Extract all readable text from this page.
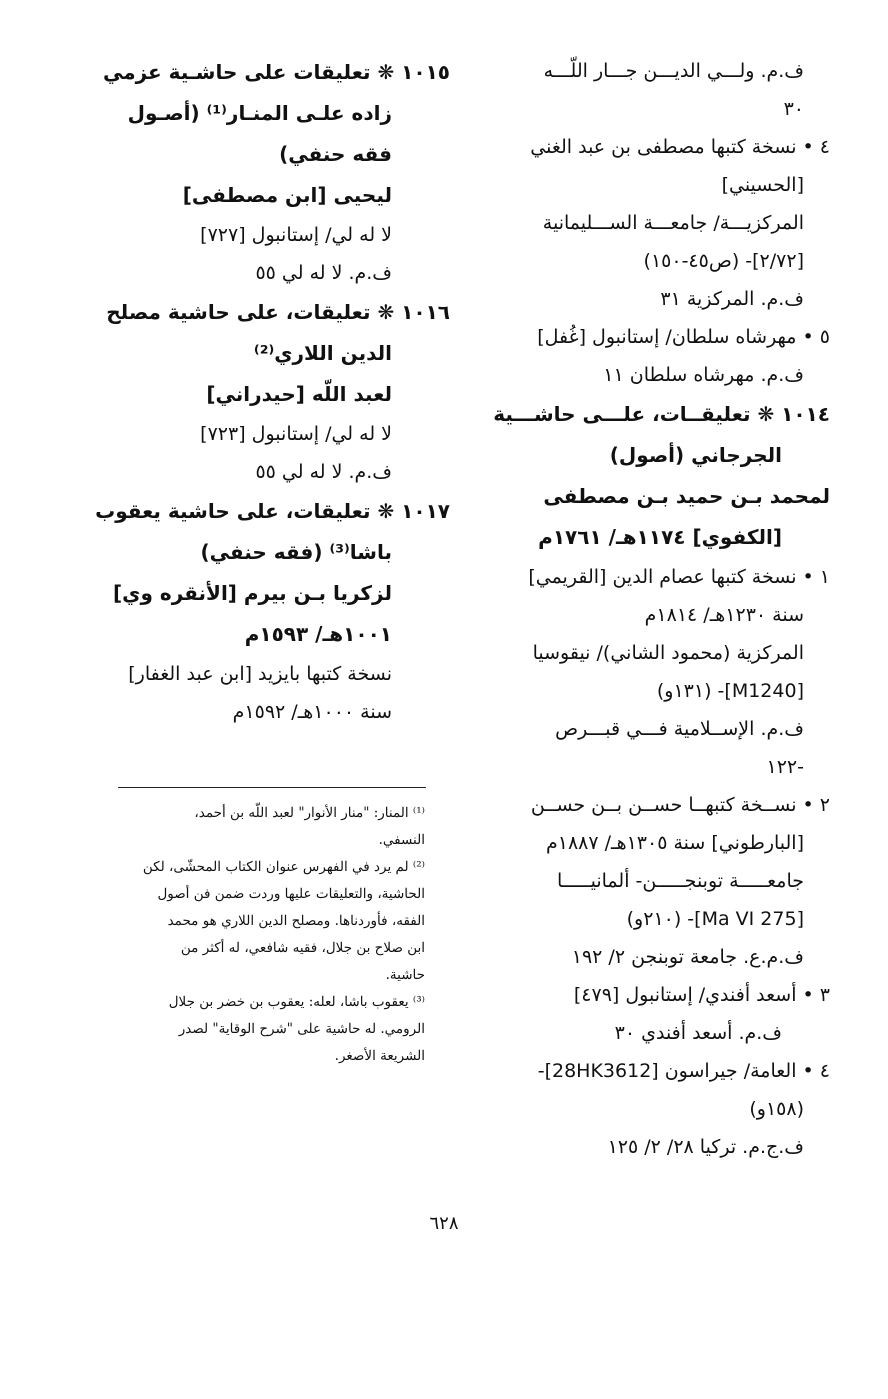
ف.م. ولـــي الديـــن جـــار اللّـــه
٣٠
٤ • نسخة كتبها مصطفى بن عبد الغني
[الحسيني]
المركزيـــة/ جامعـــة الســـليمانية
[٢/٧٢]- (ص٤٥-١٥٠)
ف.م. المركزية ٣١
٥ • مهرشاه سلطان/ إستانبول [غُفل]
ف.م. مهرشاه سلطان ١١
١٠١٤ ❋ تعليقــات، علـــى حاشـــية
الجرجاني (أصول)
لمحمد بـن حميد بـن مصطفى
[الكفوي] ١١٧٤هـ/ ١٧٦١م
١ • نسخة كتبها عصام الدين [القريمي]
سنة ١٢٣٠هـ/ ١٨١٤م
المركزية (محمود الشاني)/ نيقوسيا
[M1240]- (١٣١و)
ف.م. الإســلامية فـــي قبـــرص
-١٢٢
٢ • نســخة كتبهــا حســن بــن حســن
[البارطوني] سنة ١٣٠٥هـ/ ١٨٨٧م
جامعـــــة توبنجـــــن- ألمانيـــــا
[Ma VI 275]- (٢١٠و)
ف.م.ع. جامعة توبنجن ٢/ ١٩٢
٣ • أسعد أفندي/ إستانبول [٤٧٩]
ف.م. أسعد أفندي ٣٠
٤ • العامة/ جيراسون [28HK3612]-
(١٥٨و)
ف.ج.م. تركيا ٢٨/ ٢/ ١٢٥
١٠١٥ ❋ تعليقات على حاشـية عزمي
زاده علـى المنـار⁽¹⁾ (أصـول
فقه حنفي)
ليحيى [ابن مصطفى]
لا له لي/ إستانبول [٧٢٧]
ف.م. لا له لي ٥٥
١٠١٦ ❋ تعليقات، على حاشية مصلح
الدين اللاري⁽²⁾
لعبد اللّه [حيدراني]
لا له لي/ إستانبول [٧٢٣]
ف.م. لا له لي ٥٥
١٠١٧ ❋ تعليقات، على حاشية يعقوب
باشا⁽³⁾ (فقه حنفي)
لزكريا بـن بيرم [الأنقره وي]
١٠٠١هـ/ ١٥٩٣م
نسخة كتبها بايزيد [ابن عبد الغفار]
سنة ١٠٠٠هـ/ ١٥٩٢م
⁽¹⁾ المنار: "منار الأنوار" لعبد اللّه بن أحمد،
النسفي.
⁽²⁾ لم يرد في الفهرس عنوان الكتاب المحشّى، لكن
الحاشية، والتعليقات عليها وردت ضمن فن أصول
الفقه، فأوردناها. ومصلح الدين اللاري هو محمد
ابن صلاح بن جلال، فقيه شافعي، له أكثر من
حاشية.
⁽³⁾ يعقوب باشا، لعله: يعقوب بن خضر بن جلال
الرومي. له حاشية على "شرح الوقاية" لصدر
الشريعة الأصغر.
٦٢٨
